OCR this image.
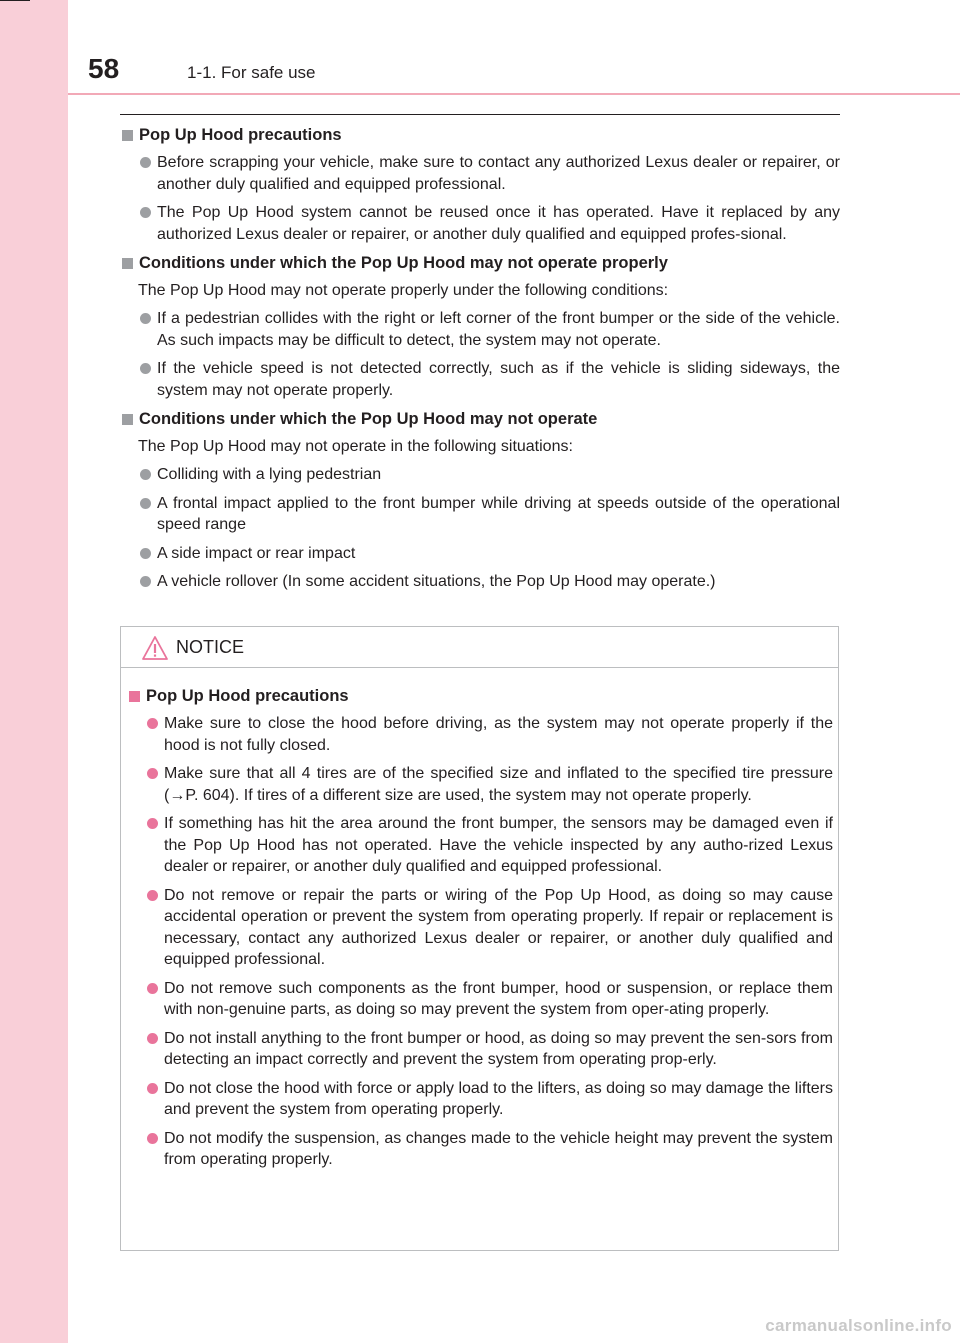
58	1-1. For safe use
Pop Up Hood precautions
Before scrapping your vehicle, make sure to contact any authorized Lexus dealer or repairer, or another duly qualified and equipped professional.
The Pop Up Hood system cannot be reused once it has operated. Have it replaced by any authorized Lexus dealer or repairer, or another duly qualified and equipped profes-sional.
Conditions under which the Pop Up Hood may not operate properly
The Pop Up Hood may not operate properly under the following conditions:
If a pedestrian collides with the right or left corner of the front bumper or the side of the vehicle. As such impacts may be difficult to detect, the system may not operate.
If the vehicle speed is not detected correctly, such as if the vehicle is sliding sideways, the system may not operate properly.
Conditions under which the Pop Up Hood may not operate
The Pop Up Hood may not operate in the following situations:
Colliding with a lying pedestrian
A frontal impact applied to the front bumper while driving at speeds outside of the operational speed range
A side impact or rear impact
A vehicle rollover (In some accident situations, the Pop Up Hood may operate.)
NOTICE
Pop Up Hood precautions
Make sure to close the hood before driving, as the system may not operate properly if the hood is not fully closed.
Make sure that all 4 tires are of the specified size and inflated to the specified tire pressure (→P. 604). If tires of a different size are used, the system may not operate properly.
If something has hit the area around the front bumper, the sensors may be damaged even if the Pop Up Hood has not operated. Have the vehicle inspected by any autho-rized Lexus dealer or repairer, or another duly qualified and equipped professional.
Do not remove or repair the parts or wiring of the Pop Up Hood, as doing so may cause accidental operation or prevent the system from operating properly. If repair or replacement is necessary, contact any authorized Lexus dealer or repairer, or another duly qualified and equipped professional.
Do not remove such components as the front bumper, hood or suspension, or replace them with non-genuine parts, as doing so may prevent the system from oper-ating properly.
Do not install anything to the front bumper or hood, as doing so may prevent the sen-sors from detecting an impact correctly and prevent the system from operating prop-erly.
Do not close the hood with force or apply load to the lifters, as doing so may damage the lifters and prevent the system from operating properly.
Do not modify the suspension, as changes made to the vehicle height may prevent the system from operating properly.
carmanualsonline.info
